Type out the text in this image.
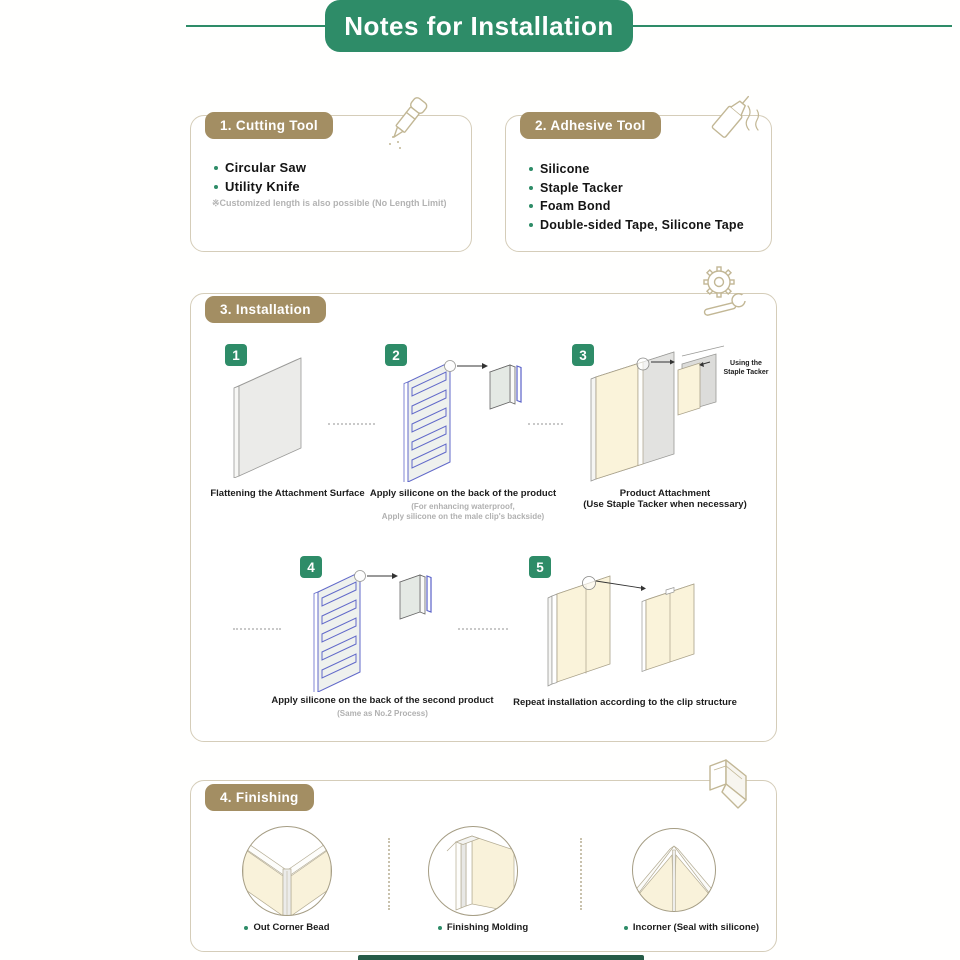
Notes for Installation
1. Cutting Tool
Circular Saw
Utility Knife
※Customized length is also possible (No Length Limit)
2. Adhesive Tool
Silicone
Staple Tacker
Foam Bond
Double-sided Tape, Silicone Tape
3. Installation
1	2	3
Using the
Staple Tacker
Flattening the Attachment Surface Apply silicone on the back of the product
(For enhancing waterproof,
Apply silicone on the male clip's backside)
Product Attachment
(Use Staple Tacker when necessary)
4	5
Apply silicone on the back of the second product
(Same as No.2 Process)
Repeat installation according to the clip structure
4. Finishing
Out Corner Bead	Finishing Molding	Incorner (Seal with silicone)
